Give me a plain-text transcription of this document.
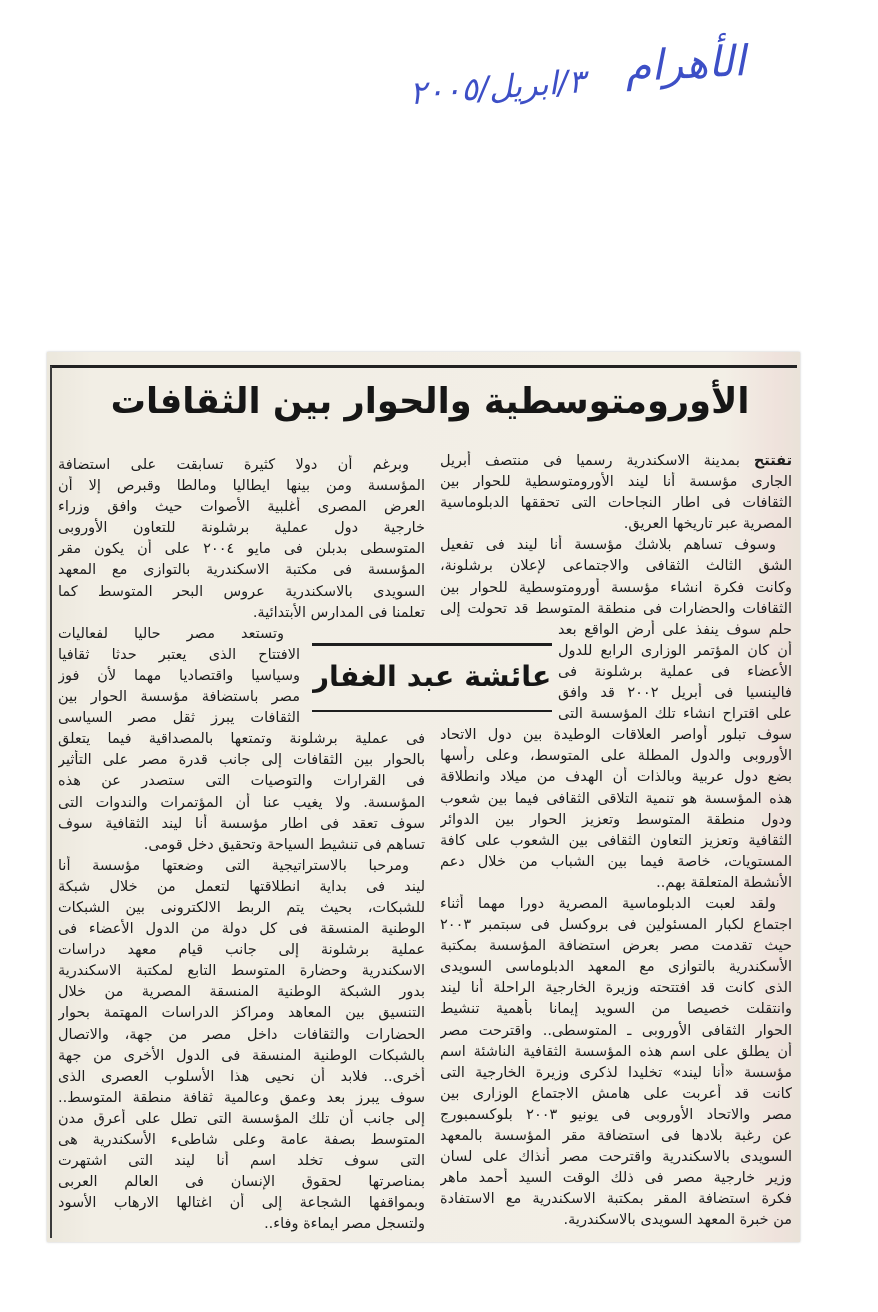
الأهرام
٣/ابريل/٢٠٠٥
الأورومتوسطية والحوار بين الثقافات
تفتتح بمدينة الاسكندرية رسميا فى منتصف أبريل
الجارى مؤسسة أنا ليند الأورومتوسطية للحوار بين
الثقافات فى اطار النجاحات التى تحققها الدبلوماسية
المصرية عبر تاريخها العريق.
وسوف تساهم بلاشك مؤسسة أنا ليند فى تفعيل
الشق الثالث الثقافى والاجتماعى لإعلان برشلونة،
وكانت فكرة انشاء مؤسسة أورومتوسطية للحوار بين
الثقافات والحضارات فى منطقة المتوسط قد تحولت إلى
حلم سوف ينفذ على أرض الواقع بعد
أن كان المؤتمر الوزارى الرابع للدول
الأعضاء فى عملية برشلونة فى
فالينسيا فى أبريل ٢٠٠٢ قد وافق
على اقتراح انشاء تلك المؤسسة التى
سوف تبلور أواصر العلاقات الوطيدة بين دول الاتحاد
الأوروبى والدول المطلة على المتوسط، وعلى رأسها
بضع دول عربية وبالذات أن الهدف من ميلاد وانطلاقة
هذه المؤسسة هو تنمية التلاقى الثقافى فيما بين شعوب
ودول منطقة المتوسط وتعزيز الحوار بين الدوائر
الثقافية وتعزيز التعاون الثقافى بين الشعوب على كافة
المستويات، خاصة فيما بين الشباب من خلال دعم
الأنشطة المتعلقة بهم..
ولقد لعبت الدبلوماسية المصرية دورا مهما أثناء
اجتماع لكبار المسئولين فى بروكسل فى سبتمبر ٢٠٠٣
حيث تقدمت مصر بعرض استضافة المؤسسة بمكتبة
الأسكندرية بالتوازى مع المعهد الدبلوماسى السويدى
الذى كانت قد افتتحته وزيرة الخارجية الراحلة أنا ليند
وانتقلت خصيصا من السويد إيمانا بأهمية تنشيط
الحوار الثقافى الأوروبى ـ المتوسطى.. واقترحت مصر
أن يطلق على اسم هذه المؤسسة الثقافية الناشئة اسم
مؤسسة «أنا ليند» تخليدا لذكرى وزيرة الخارجية التى
كانت قد أعربت على هامش الاجتماع الوزارى بين
مصر والاتحاد الأوروبى فى يونيو ٢٠٠٣ بلوكسمبورج
عن رغبة بلادها فى استضافة مقر المؤسسة بالمعهد
السويدى بالاسكندرية واقترحت مصر أنذاك على لسان
وزير خارجية مصر فى ذلك الوقت السيد أحمد ماهر
فكرة استضافة المقر بمكتبة الاسكندرية مع الاستفادة
من خبرة المعهد السويدى بالاسكندرية.
وبرغم أن دولا كثيرة تسابقت على استضافة
المؤسسة ومن بينها ايطاليا ومالطا وقبرص إلا أن
العرض المصرى أغلبية الأصوات حيث وافق وزراء
خارجية دول عملية برشلونة للتعاون الأوروبى
المتوسطى بدبلن فى مايو ٢٠٠٤ على أن يكون مقر
المؤسسة فى مكتبة الاسكندرية بالتوازى مع المعهد
السويدى بالاسكندرية عروس البحر المتوسط كما
تعلمنا فى المدارس الأبتدائية.
وتستعد مصر حاليا لفعاليات
الافتتاح الذى يعتبر حدثا ثقافيا
وسياسيا واقتصاديا مهما لأن فوز
مصر باستضافة مؤسسة الحوار بين
الثقافات يبرز ثقل مصر السياسى
فى عملية برشلونة وتمتعها بالمصداقية فيما يتعلق
بالحوار بين الثقافات إلى جانب قدرة مصر على التأثير
فى القرارات والتوصيات التى ستصدر عن هذه
المؤسسة. ولا يغيب عنا أن المؤتمرات والندوات التى
سوف تعقد فى اطار مؤسسة أنا ليند الثقافية سوف
تساهم فى تنشيط السياحة وتحقيق دخل قومى.
ومرحبا بالاستراتيجية التى وضعتها مؤسسة أنا
ليند فى بداية انطلاقتها لتعمل من خلال شبكة
للشبكات، بحيث يتم الربط الالكترونى بين الشبكات
الوطنية المنسقة فى كل دولة من الدول الأعضاء فى
عملية برشلونة إلى جانب قيام معهد دراسات
الاسكندرية وحضارة المتوسط التابع لمكتبة الاسكندرية
بدور الشبكة الوطنية المنسقة المصرية من خلال
التنسيق بين المعاهد ومراكز الدراسات المهتمة بحوار
الحضارات والثقافات داخل مصر من جهة، والاتصال
بالشبكات الوطنية المنسقة فى الدول الأخرى من جهة
أخرى.. فلابد أن نحيى هذا الأسلوب العصرى الذى
سوف يبرز بعد وعمق وعالمية ثقافة منطقة المتوسط..
إلى جانب أن تلك المؤسسة التى تطل على أعرق مدن
المتوسط بصفة عامة وعلى شاطىء الأسكندرية هى
التى سوف تخلد اسم أنا ليند التى اشتهرت
بمناصرتها لحقوق الإنسان فى العالم العربى
وبمواقفها الشجاعة إلى أن اغتالها الارهاب الأسود
ولتسجل مصر ايماءة وفاء..
عائشة عبد الغفار
